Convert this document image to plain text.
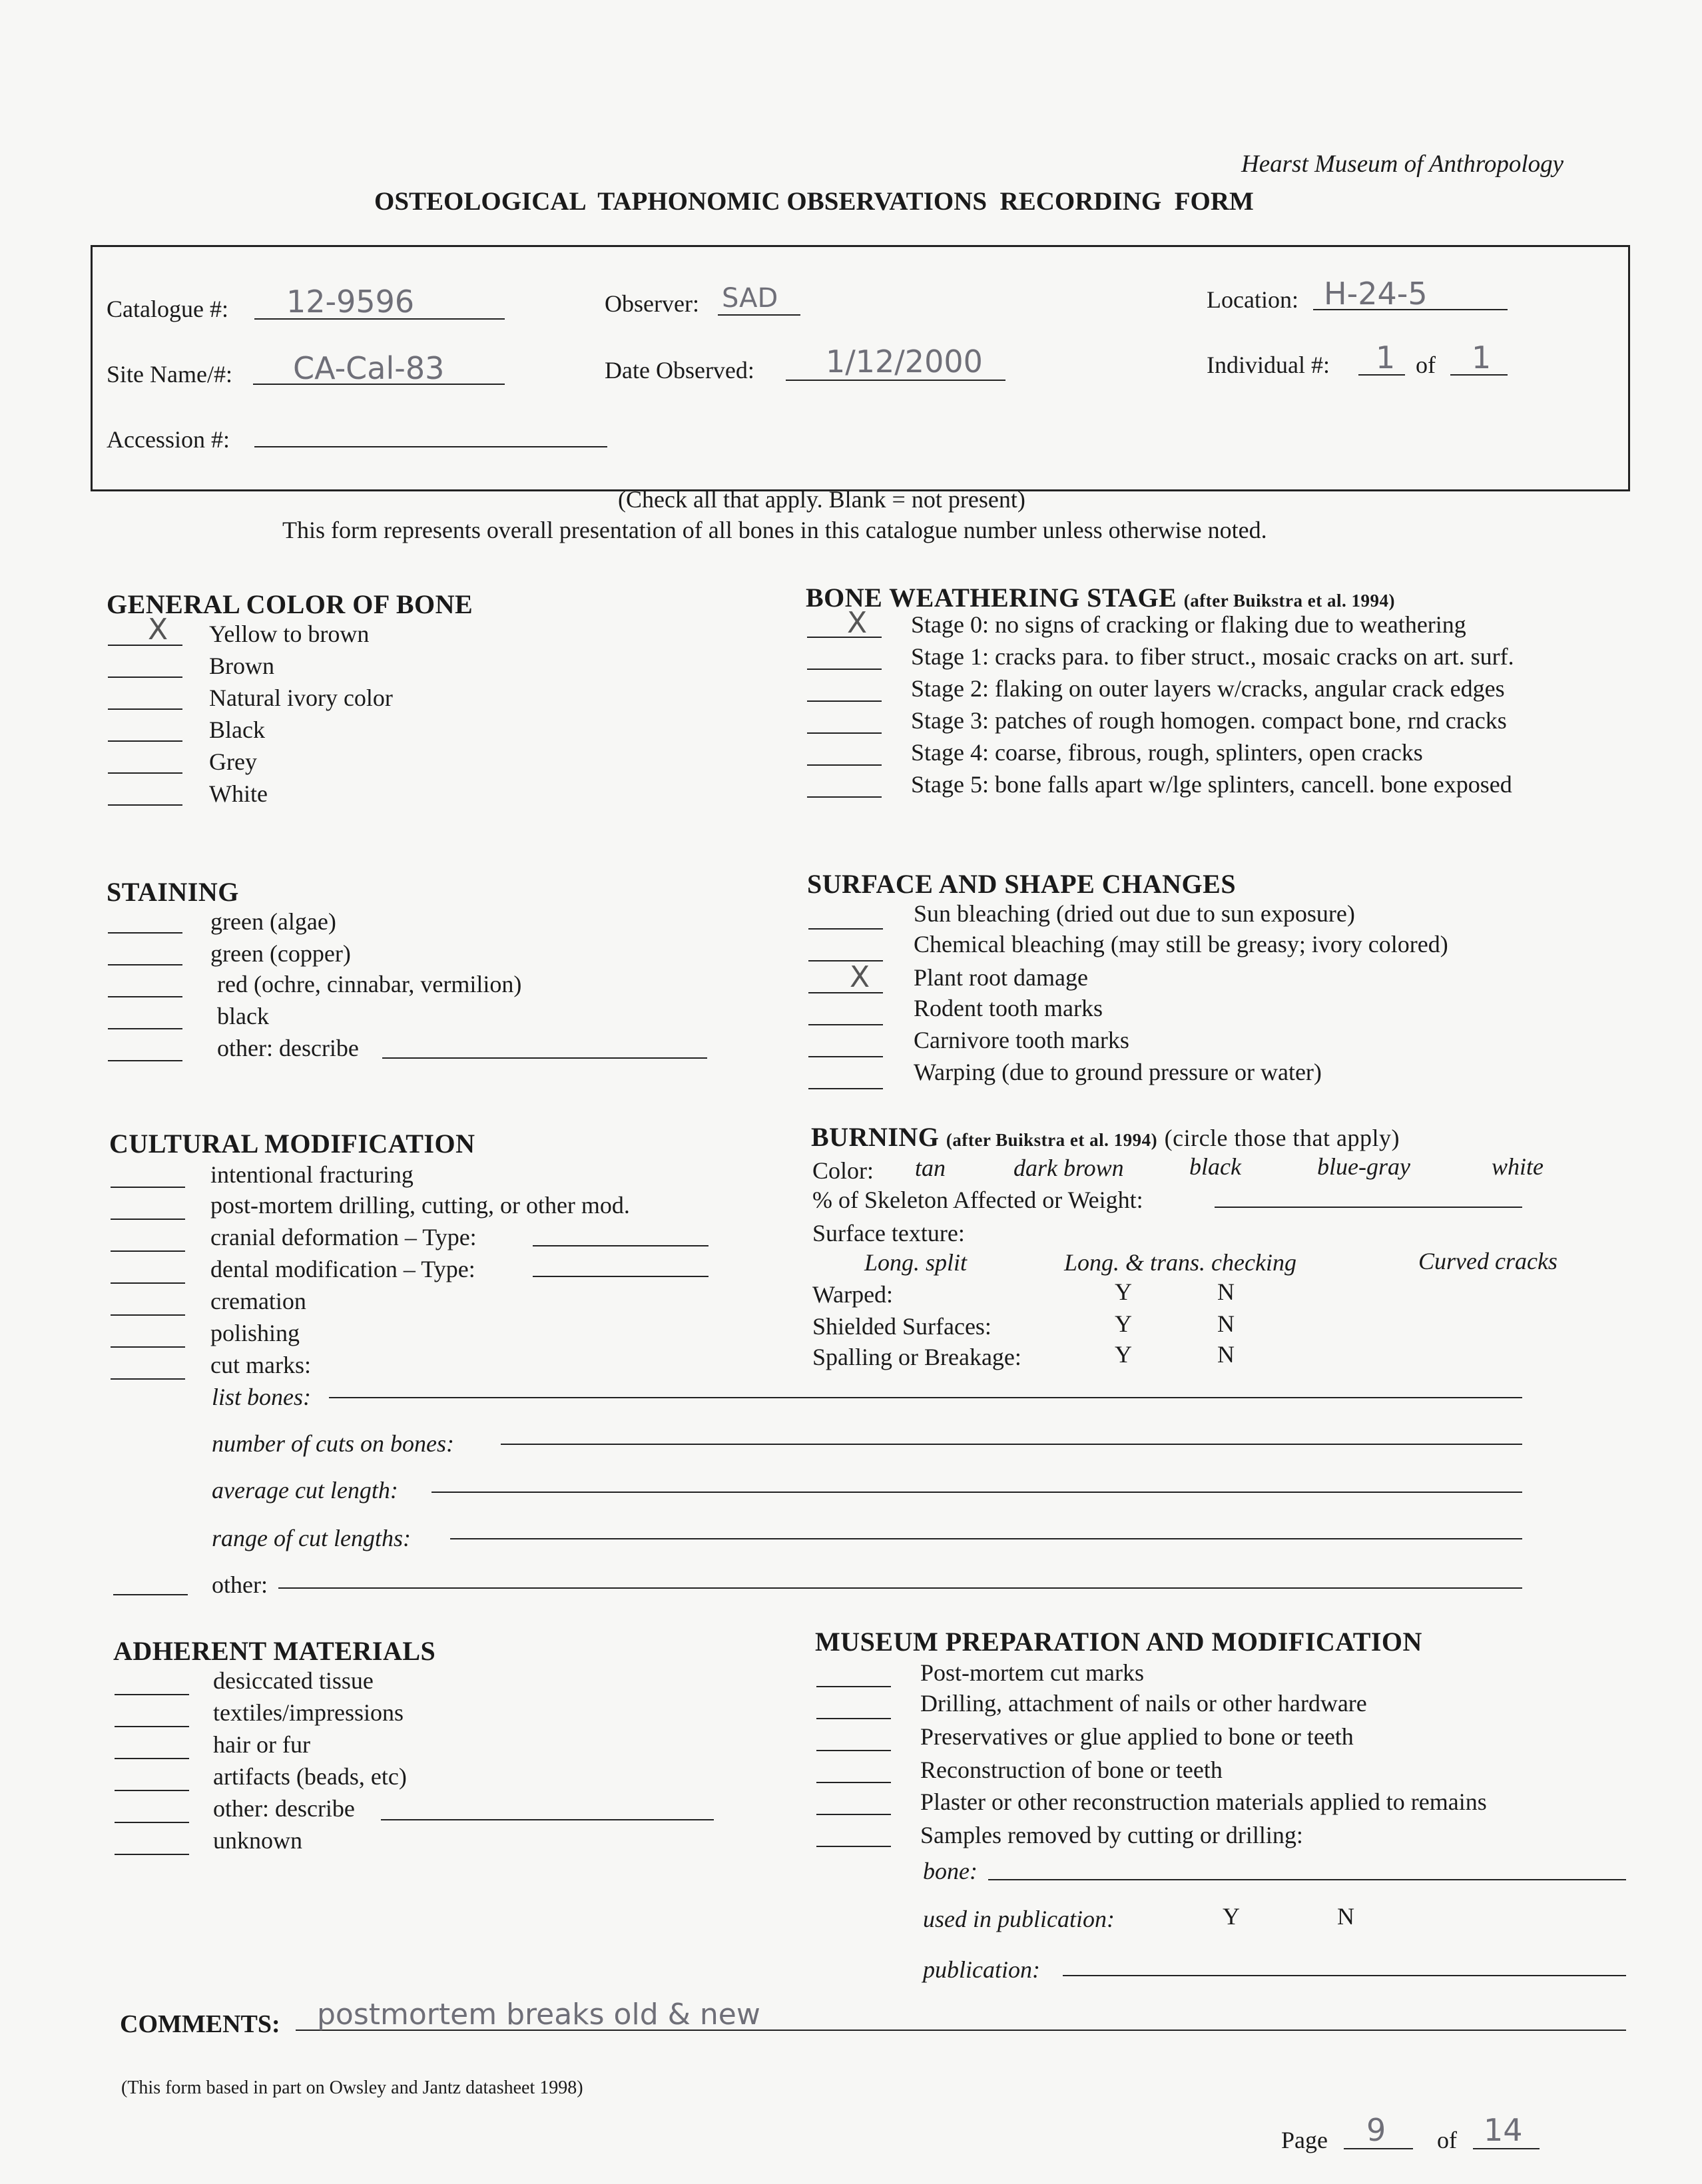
Hearst Museum of Anthropology
OSTEOLOGICAL  TAPHONOMIC OBSERVATIONS  RECORDING  FORM
Catalogue #: 12-9596	Observer: SAD	Location: H-24-5
Site Name/#: CA-Cal-83	Date Observed: 1/12/2000	Individual #: 1 of 1
Accession #:
(Check all that apply. Blank = not present)
This form represents overall presentation of all bones in this catalogue number unless otherwise noted.
GENERAL COLOR OF BONE
X Yellow to brown
Brown
Natural ivory color
Black
Grey
White
BONE WEATHERING STAGE (after Buikstra et al. 1994)
X Stage 0: no signs of cracking or flaking due to weathering
Stage 1: cracks para. to fiber struct., mosaic cracks on art. surf.
Stage 2: flaking on outer layers w/cracks, angular crack edges
Stage 3: patches of rough homogen. compact bone, rnd cracks
Stage 4: coarse, fibrous, rough, splinters, open cracks
Stage 5: bone falls apart w/lge splinters, cancell. bone exposed
STAINING
green (algae)
green (copper)
red (ochre, cinnabar, vermilion)
black
other: describe
SURFACE AND SHAPE CHANGES
Sun bleaching (dried out due to sun exposure)
Chemical bleaching (may still be greasy; ivory colored)
X Plant root damage
Rodent tooth marks
Carnivore tooth marks
Warping (due to ground pressure or water)
CULTURAL MODIFICATION
intentional fracturing
post-mortem drilling, cutting, or other mod.
cranial deformation – Type:
dental modification – Type:
cremation
polishing
cut marks:
list bones:
number of cuts on bones:
average cut length:
range of cut lengths:
other:
BURNING (after Buikstra et al. 1994) (circle those that apply)
Color: tan	dark brown	black	blue-gray	white
% of Skeleton Affected or Weight:
Surface texture:
Long. split	Long. & trans. checking	Curved cracks
Warped:	Y	N
Shielded Surfaces:	Y	N
Spalling or Breakage:	Y	N
ADHERENT MATERIALS
desiccated tissue
textiles/impressions
hair or fur
artifacts (beads, etc)
other: describe
unknown
MUSEUM PREPARATION AND MODIFICATION
Post-mortem cut marks
Drilling, attachment of nails or other hardware
Preservatives or glue applied to bone or teeth
Reconstruction of bone or teeth
Plaster or other reconstruction materials applied to remains
Samples removed by cutting or drilling:
bone:
used in publication:	Y	N
publication:
COMMENTS: postmortem breaks old & new
(This form based in part on Owsley and Jantz datasheet 1998)
Page 9 of 14
